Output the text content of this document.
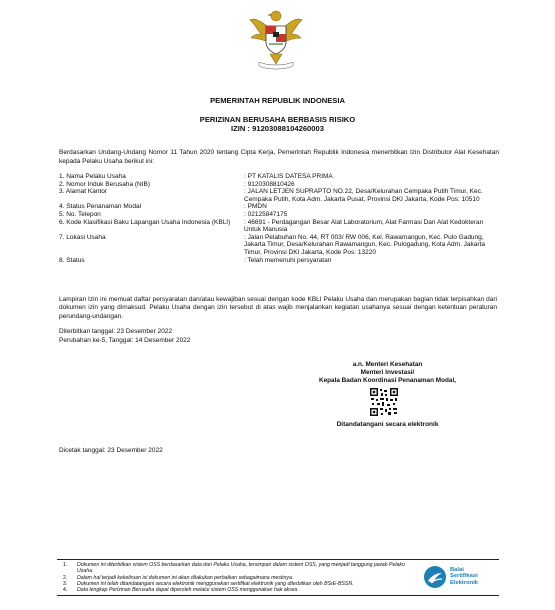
PEMERINTAH REPUBLIK INDONESIA
PERIZINAN BERUSAHA BERBASIS RISIKO
IZIN : 91203088104260003
Berdasarkan Undang-Undang Nomor 11 Tahun 2020 tentang Cipta Kerja, Pemerintah Republik Indonesia menerbitkan Izin Distributor Alat Kesehatan kepada Pelaku Usaha berikut ini:
1. Nama Pelaku Usaha	: PT KATALIS DATESA PRIMA
2. Nomor Induk Berusaha (NIB)	: 9120308810426
3. Alamat Kantor	: JALAN LETJEN SUPRAPTO NO.22, Desa/Kelurahan Cempaka Putih Timur, Kec. Cempaka Putih, Kota Adm. Jakarta Pusat, Provinsi DKI Jakarta, Kode Pos: 10510
4. Status Penanaman Modal	: PMDN
5. No. Telepon	: 02125847175
6. Kode Klasifikasi Baku Lapangan Usaha Indonesia (KBLI)	: 46691 - Perdagangan Besar Alat Laboratorium, Alat Farmasi Dan Alat Kedokteran Untuk Manusia
7. Lokasi Usaha	: Jalan Pelabuhan No. 44, RT 003/ RW 006, Kel. Rawamangun, Kec. Pulo Gadung, Jakarta Timur, Desa/Kelurahan Rawamangun, Kec. Pulogadung, Kota Adm. Jakarta Timur, Provinsi DKI Jakarta, Kode Pos: 13220
8. Status	: Telah memenuhi persyaratan
Lampiran Izin ini memuat daftar persyaratan dan/atau kewajiban sesuai dengan kode KBLI Pelaku Usaha dan merupakan bagian tidak terpisahkan dari dokumen izin yang dimaksud. Pelaku Usaha dengan izin tersebut di atas wajib menjalankan kegiatan usahanya sesuai dengan ketentuan peraturan perundang-undangan.
Diterbitkan tanggal: 23 Desember 2022
Perubahan ke-5, Tanggal: 14 Desember 2022
a.n. Menteri Kesehatan
Menteri Investasi/
Kepala Badan Koordinasi Penanaman Modal,
Ditandatangani secara elektronik
Dicetak tanggal: 23 Desember 2022
1.	Dokumen ini diterbitkan sistem OSS berdasarkan data dari Pelaku Usaha, tersimpan dalam sistem OSS, yang menjadi tanggung jawab Pelaku Usaha.
2.	Dalam hal terjadi kekeliruan isi dokumen ini akan dilakukan perbaikan sebagaimana mestinya.
3.	Dokumen ini telah ditandatangani secara elektronik menggunakan sertifikat elektronik yang diterbitkan oleh BSrE-BSSN.
4.	Data lengkap Perizinan Berusaha dapat diperoleh melalui sistem OSS menggunakan hak akses.
Balai
Sertifikasi
Elektronik
